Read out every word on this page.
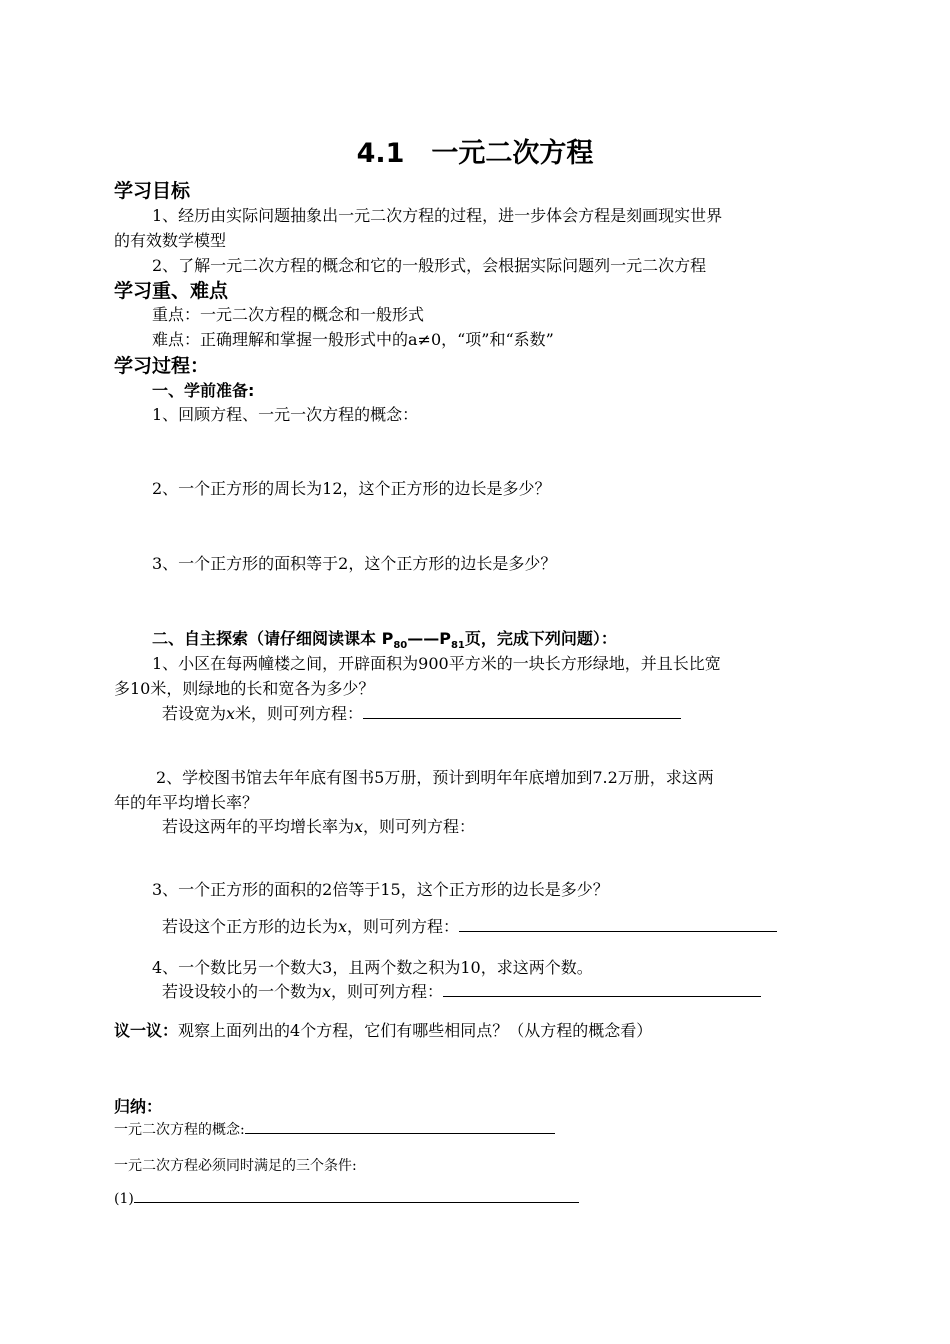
4.1　一元二次方程
学习目标
1、经历由实际问题抽象出一元二次方程的过程，进一步体会方程是刻画现实世界
的有效数学模型
2、了解一元二次方程的概念和它的一般形式，会根据实际问题列一元二次方程
学习重、难点
重点：一元二次方程的概念和一般形式
难点：正确理解和掌握一般形式中的a≠0，“项”和“系数”
学习过程：
一、学前准备:
1、回顾方程、一元一次方程的概念：
2、一个正方形的周长为12，这个正方形的边长是多少？
3、一个正方形的面积等于2，这个正方形的边长是多少？
二、自主探索（请仔细阅读课本 $P_{80}——P_{81}$页，完成下列问题）：
1、小区在每两幢楼之间，开辟面积为900平方米的一块长方形绿地，并且长比宽
多10米，则绿地的长和宽各为多少？
若设宽为x米，则可列方程：
2、学校图书馆去年年底有图书5万册，预计到明年年底增加到7.2万册，求这两
年的年平均增长率？
若设这两年的平均增长率为x，则可列方程：
3、一个正方形的面积的2倍等于15，这个正方形的边长是多少？
若设这个正方形的边长为x，则可列方程：
4、一个数比另一个数大3，且两个数之积为10，求这两个数。
若设设较小的一个数为x，则可列方程：
议一议：观察上面列出的4个方程，它们有哪些相同点？（从方程的概念看）
归纳：
一元二次方程的概念:
一元二次方程必须同时满足的三个条件:
(1)
